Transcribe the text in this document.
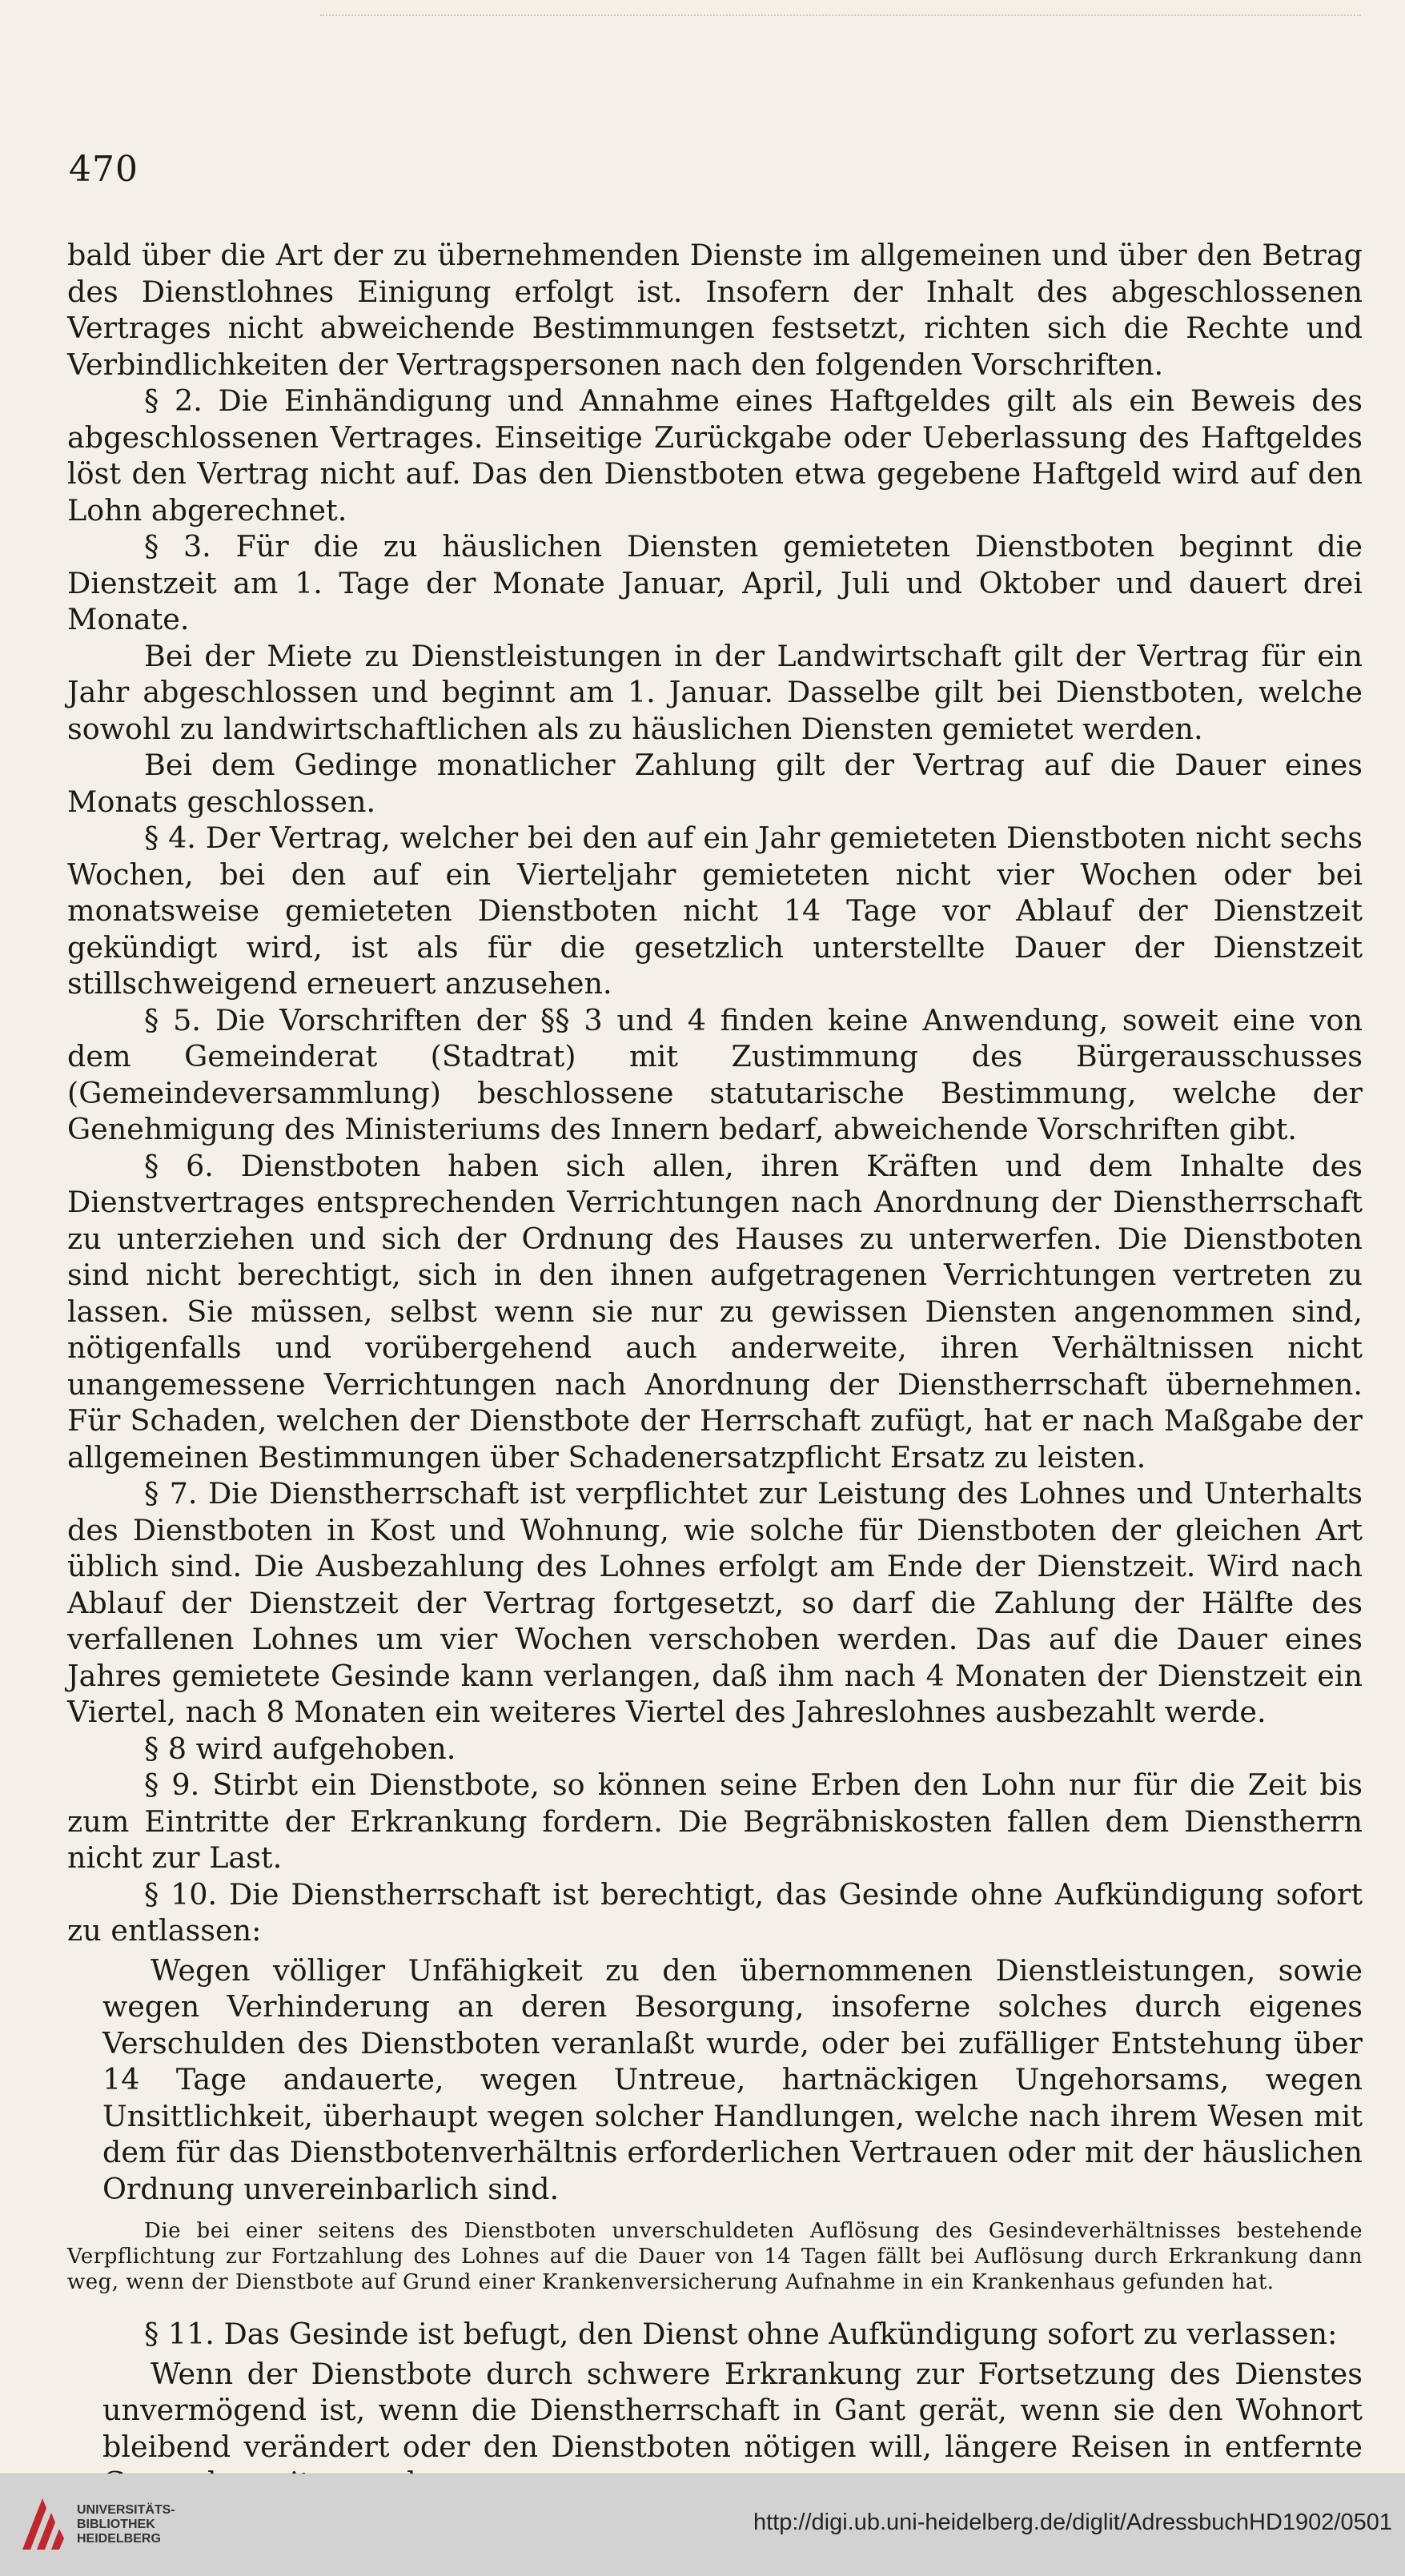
470

bald über die Art der zu übernehmenden Dienste im allgemeinen und über den Betrag des Dienstlohnes Einigung erfolgt ist. Insofern der Inhalt des abgeschlossenen Vertrages nicht abweichende Bestimmungen festsetzt, richten sich die Rechte und Verbindlichkeiten der Vertragspersonen nach den folgenden Vorschriften.

§ 2. Die Einhändigung und Annahme eines Haftgeldes gilt als ein Beweis des abgeschlossenen Vertrages. Einseitige Zurückgabe oder Ueberlassung des Haftgeldes löst den Vertrag nicht auf. Das den Dienstboten etwa gegebene Haftgeld wird auf den Lohn abgerechnet.

§ 3. Für die zu häuslichen Diensten gemieteten Dienstboten beginnt die Dienstzeit am 1. Tage der Monate Januar, April, Juli und Oktober und dauert drei Monate.

Bei der Miete zu Dienstleistungen in der Landwirtschaft gilt der Vertrag für ein Jahr abgeschlossen und beginnt am 1. Januar. Dasselbe gilt bei Dienstboten, welche sowohl zu landwirtschaftlichen als zu häuslichen Diensten gemietet werden.

Bei dem Gedinge monatlicher Zahlung gilt der Vertrag auf die Dauer eines Monats geschlossen.

§ 4. Der Vertrag, welcher bei den auf ein Jahr gemieteten Dienstboten nicht sechs Wochen, bei den auf ein Vierteljahr gemieteten nicht vier Wochen oder bei monatsweise gemieteten Dienstboten nicht 14 Tage vor Ablauf der Dienstzeit gekündigt wird, ist als für die gesetzlich unterstellte Dauer der Dienstzeit stillschweigend erneuert anzusehen.

§ 5. Die Vorschriften der §§ 3 und 4 finden keine Anwendung, soweit eine von dem Gemeinderat (Stadtrat) mit Zustimmung des Bürgerausschusses (Gemeindeversammlung) beschlossene statutarische Bestimmung, welche der Genehmigung des Ministeriums des Innern bedarf, abweichende Vorschriften gibt.

§ 6. Dienstboten haben sich allen, ihren Kräften und dem Inhalte des Dienstvertrages entsprechenden Verrichtungen nach Anordnung der Dienstherrschaft zu unterziehen und sich der Ordnung des Hauses zu unterwerfen. Die Dienstboten sind nicht berechtigt, sich in den ihnen aufgetragenen Verrichtungen vertreten zu lassen. Sie müssen, selbst wenn sie nur zu gewissen Diensten angenommen sind, nötigenfalls und vorübergehend auch anderweite, ihren Verhältnissen nicht unangemessene Verrichtungen nach Anordnung der Dienstherrschaft übernehmen. Für Schaden, welchen der Dienstbote der Herrschaft zufügt, hat er nach Maßgabe der allgemeinen Bestimmungen über Schadenersatzpflicht Ersatz zu leisten.

§ 7. Die Dienstherrschaft ist verpflichtet zur Leistung des Lohnes und Unterhalts des Dienstboten in Kost und Wohnung, wie solche für Dienstboten der gleichen Art üblich sind. Die Ausbezahlung des Lohnes erfolgt am Ende der Dienstzeit. Wird nach Ablauf der Dienstzeit der Vertrag fortgesetzt, so darf die Zahlung der Hälfte des verfallenen Lohnes um vier Wochen verschoben werden. Das auf die Dauer eines Jahres gemietete Gesinde kann verlangen, daß ihm nach 4 Monaten der Dienstzeit ein Viertel, nach 8 Monaten ein weiteres Viertel des Jahreslohnes ausbezahlt werde.

§ 8 wird aufgehoben.

§ 9. Stirbt ein Dienstbote, so können seine Erben den Lohn nur für die Zeit bis zum Eintritte der Erkrankung fordern. Die Begräbniskosten fallen dem Dienstherrn nicht zur Last.

§ 10. Die Dienstherrschaft ist berechtigt, das Gesinde ohne Aufkündigung sofort zu entlassen:

Wegen völliger Unfähigkeit zu den übernommenen Dienstleistungen, sowie wegen Verhinderung an deren Besorgung, insoferne solches durch eigenes Verschulden des Dienstboten veranlaßt wurde, oder bei zufälliger Entstehung über 14 Tage andauerte, wegen Untreue, hartnäckigen Ungehorsams, wegen Unsittlichkeit, überhaupt wegen solcher Handlungen, welche nach ihrem Wesen mit dem für das Dienstbotenverhältnis erforderlichen Vertrauen oder mit der häuslichen Ordnung unvereinbarlich sind.

Die bei einer seitens des Dienstboten unverschuldeten Auflösung des Gesindeverhältnisses bestehende Verpflichtung zur Fortzahlung des Lohnes auf die Dauer von 14 Tagen fällt bei Auflösung durch Erkrankung dann weg, wenn der Dienstbote auf Grund einer Krankenversicherung Aufnahme in ein Krankenhaus gefunden hat.

§ 11. Das Gesinde ist befugt, den Dienst ohne Aufkündigung sofort zu verlassen:

Wenn der Dienstbote durch schwere Erkrankung zur Fortsetzung des Dienstes unvermögend ist, wenn die Dienstherrschaft in Gant gerät, wenn sie den Wohnort bleibend verändert oder den Dienstboten nötigen will, längere Reisen in entfernte

UNIVERSITÄTS-
BIBLIOTHEK
HEIDELBERG
http://digi.ub.uni-heidelberg.de/diglit/AdressbuchHD1902/0501
